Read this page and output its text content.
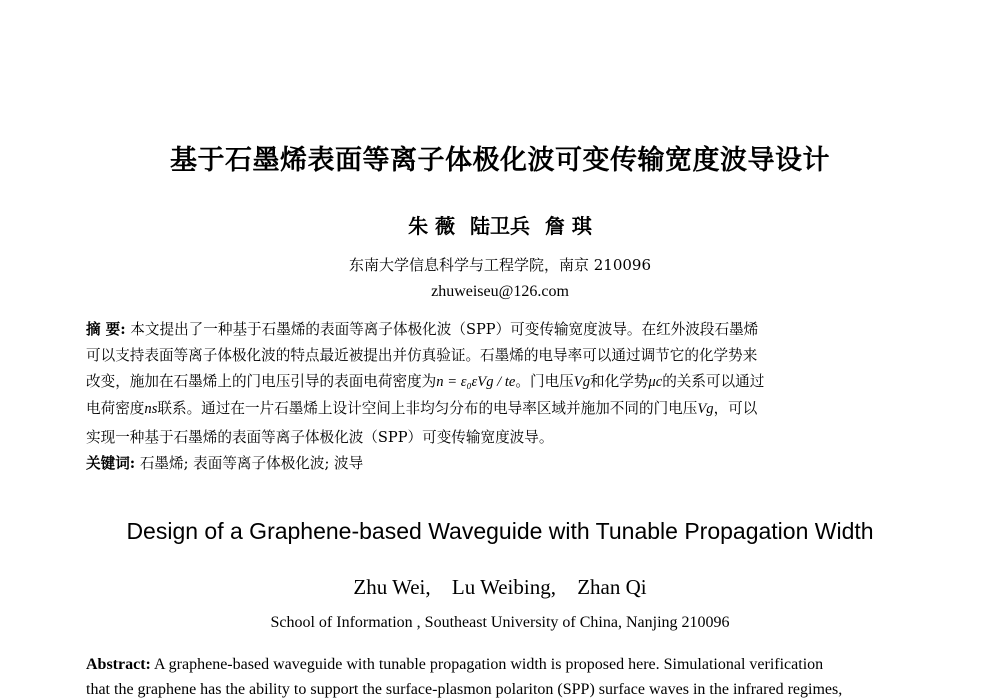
基于石墨烯表面等离子体极化波可变传输宽度波导设计
朱 薇 陆卫兵 詹 琪
东南大学信息科学与工程学院，南京 210096
zhuweiseu@126.com
摘 要: 本文提出了一种基于石墨烯的表面等离子体极化波（SPP）可变传输宽度波导。在红外波段石墨烯
可以支持表面等离子体极化波的特点最近被提出并仿真验证。石墨烯的电导率可以通过调节它的化学势来
改变，施加在石墨烯上的门电压引导的表面电荷密度为n = ε₀εVg / te。门电压Vg和化学势μc的关系可以通过
电荷密度ns联系。通过在一片石墨烯上设计空间上非均匀分布的电导率区域并施加不同的门电压Vg，可以
实现一种基于石墨烯的表面等离子体极化波（SPP）可变传输宽度波导。
关键词: 石墨烯; 表面等离子体极化波; 波导
Design of a Graphene-based Waveguide with Tunable Propagation Width
Zhu Wei, Lu Weibing, Zhan Qi
School of Information , Southeast University of China, Nanjing 210096
Abstract: A graphene-based waveguide with tunable propagation width is proposed here. Simulational verification
that the graphene has the ability to support the surface-plasmon polariton (SPP) surface waves in the infrared regimes,
